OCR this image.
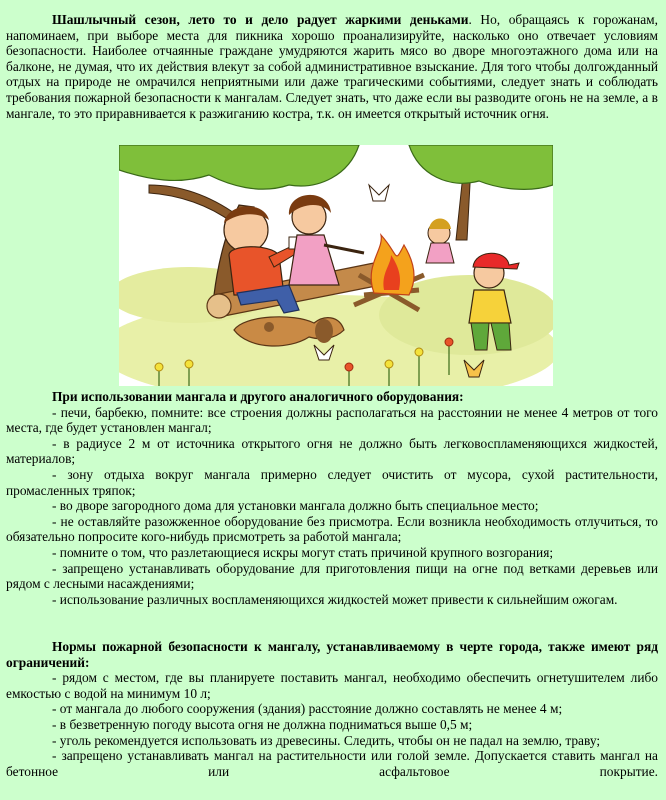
Шашлычный сезон, лето то и дело радует жаркими деньками. Но, обращаясь к горожанам, напоминаем, при выборе места для пикника хорошо проанализируйте, насколько оно отвечает условиям безопасности. Наиболее отчаянные граждане умудряются жарить мясо во дворе многоэтажного дома или на балконе, не думая, что их действия влекут за собой административное взыскание. Для того чтобы долгожданный отдых на природе не омрачился неприятными или даже трагическими событиями, следует знать и соблюдать требования пожарной безопасности к мангалам. Следует знать, что даже если вы разводите огонь не на земле, а в мангале, то это приравнивается к разжиганию костра, т.к. он имеется открытый источник огня.

При использовании мангала и другого аналогичного оборудования:

- печи, барбекю, помните: все строения должны располагаться на расстоянии не менее 4 метров от того места, где будет установлен мангал;

- в радиусе 2 м от источника открытого огня не должно быть легковоспламеняющихся жидкостей, материалов;

- зону отдыха вокруг мангала примерно следует очистить от мусора, сухой растительности, промасленных тряпок;

- во дворе загородного дома для установки мангала должно быть специальное место;

- не оставляйте разожженное оборудование без присмотра. Если возникла необходимость отлучиться, то обязательно попросите кого-нибудь присмотреть за работой мангала;

- помните о том, что разлетающиеся искры могут стать причиной крупного возгорания;

- запрещено устанавливать оборудование для приготовления пищи на огне под ветками деревьев или рядом с лесными насаждениями;

- использование различных воспламеняющихся жидкостей может привести к сильнейшим ожогам.

Нормы пожарной безопасности к мангалу, устанавливаемому в черте города, также имеют ряд ограничений:

- рядом с местом, где вы планируете поставить мангал, необходимо обеспечить огнетушителем либо емкостью с водой на минимум 10 л;

- от мангала до любого сооружения (здания) расстояние должно составлять не менее 4 м;

- в безветренную погоду высота огня не должна подниматься выше 0,5 м;

- уголь рекомендуется использовать из древесины. Следить, чтобы он не падал на землю, траву;

- запрещено устанавливать мангал на растительности или голой земле. Допускается ставить мангал на бетонное или асфальтовое покрытие.
